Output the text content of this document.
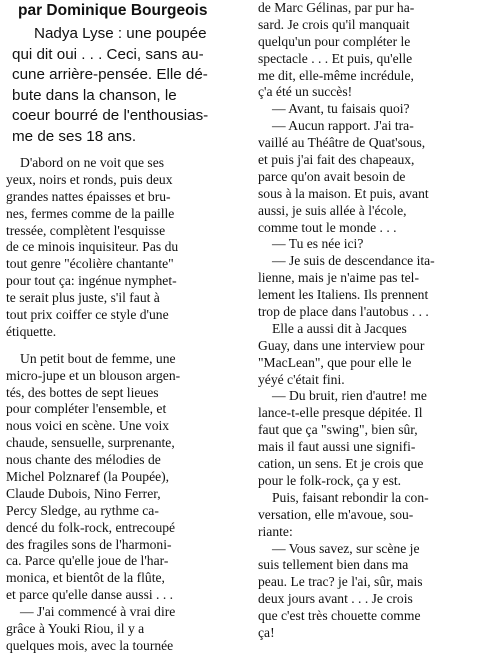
par Dominique Bourgeois
Nadya Lyse : une poupée
qui dit oui . . . Ceci, sans au-
cune arrière-pensée. Elle dé-
bute dans la chanson, le
coeur bourré de l'enthousias-
me de ses 18 ans.
D'abord on ne voit que ses
yeux, noirs et ronds, puis deux
grandes nattes épaisses et bru-
nes, fermes comme de la paille
tressée, complètent l'esquisse
de ce minois inquisiteur. Pas du
tout genre "écolière chantante"
pour tout ça: ingénue nymphet-
te serait plus juste, s'il faut à
tout prix coiffer ce style d'une
étiquette.
Un petit bout de femme, une
micro-jupe et un blouson argen-
tés, des bottes de sept lieues
pour compléter l'ensemble, et
nous voici en scène. Une voix
chaude, sensuelle, surprenante,
nous chante des mélodies de
Michel Polznaref (la Poupée),
Claude Dubois, Nino Ferrer,
Percy Sledge, au rythme ca-
dencé du folk-rock, entrecoupé
des fragiles sons de l'harmoni-
ca. Parce qu'elle joue de l'har-
monica, et bientôt de la flûte,
et parce qu'elle danse aussi . . .
— J'ai commencé à vrai dire
grâce à Youki Riou, il y a
quelques mois, avec la tournée
de Marc Gélinas, par pur ha-
sard. Je crois qu'il manquait
quelqu'un pour compléter le
spectacle . . . Et puis, qu'elle
me dit, elle-même incrédule,
ç'a été un succès!
— Avant, tu faisais quoi?
— Aucun rapport. J'ai tra-
vaillé au Théâtre de Quat'sous,
et puis j'ai fait des chapeaux,
parce qu'on avait besoin de
sous à la maison. Et puis, avant
aussi, je suis allée à l'école,
comme tout le monde . . .
— Tu es née ici?
— Je suis de descendance ita-
lienne, mais je n'aime pas tel-
lement les Italiens. Ils prennent
trop de place dans l'autobus . . .
Elle a aussi dit à Jacques
Guay, dans une interview pour
"MacLean", que pour elle le
yéyé c'était fini.
— Du bruit, rien d'autre! me
lance-t-elle presque dépitée. Il
faut que ça "swing", bien sûr,
mais il faut aussi une signifi-
cation, un sens. Et je crois que
pour le folk-rock, ça y est.
Puis, faisant rebondir la con-
versation, elle m'avoue, sou-
riante:
— Vous savez, sur scène je
suis tellement bien dans ma
peau. Le trac? je l'ai, sûr, mais
deux jours avant . . . Je crois
que c'est très chouette comme
ça!
